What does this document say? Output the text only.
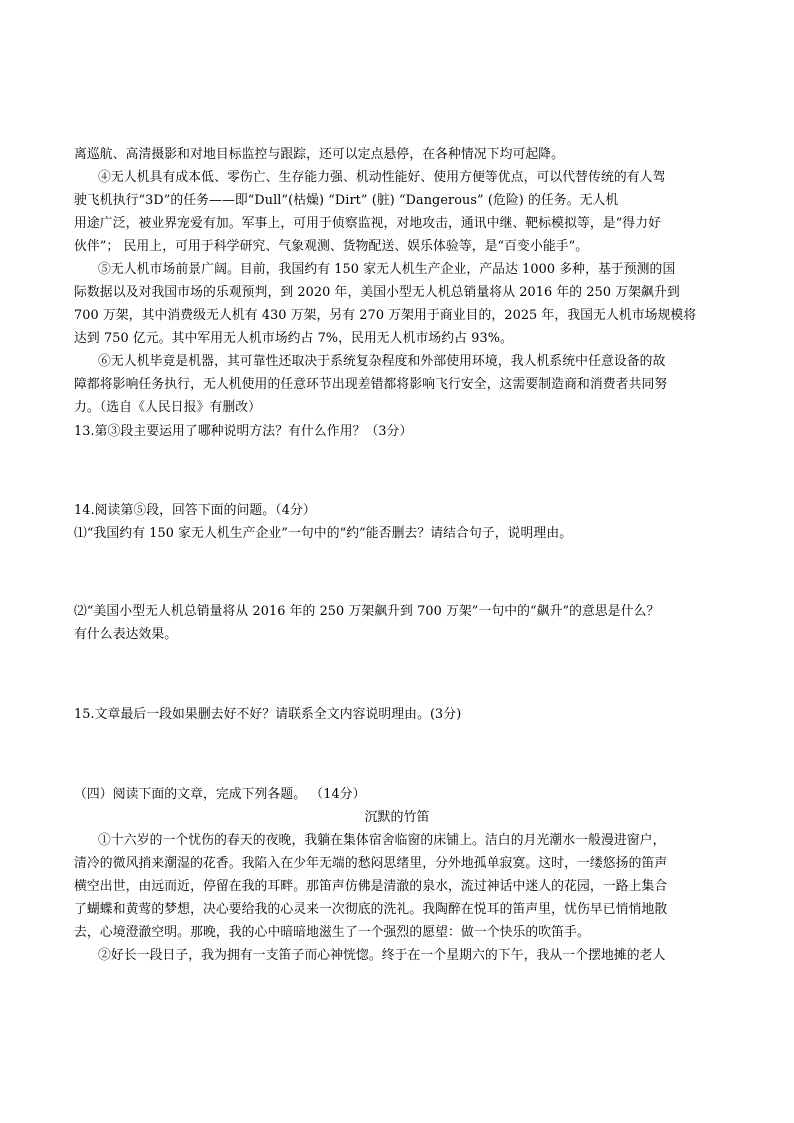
离巡航、高清摄影和对地目标监控与跟踪，还可以定点悬停，在各种情况下均可起降。
④无人机具有成本低、零伤亡、生存能力强、机动性能好、使用方便等优点，可以代替传统的有人驾
驶飞机执行“3D”的任务——即“Dull”(枯燥) “Dirt” (脏) “Dangerous” (危险) 的任务。无人机
用途广泛，被业界宠爱有加。军事上，可用于侦察监视，对地攻击，通讯中继、靶标模拟等，是“得力好
伙伴”； 民用上，可用于科学研究、气象观测、货物配送、娱乐体验等，是“百变小能手”。
⑤无人机市场前景广阔。目前，我国约有 150 家无人机生产企业，产品达 1000 多种，基于预测的国
际数据以及对我国市场的乐观预判，到 2020 年，美国小型无人机总销量将从 2016 年的 250 万架飙升到
700 万架，其中消费级无人机有 430 万架，另有 270 万架用于商业目的，2025 年，我国无人机市场规模将
达到 750 亿元。其中军用无人机市场约占 7%，民用无人机市场约占 93%。
⑥无人机毕竟是机器，其可靠性还取决于系统复杂程度和外部使用环境，我人机系统中任意设备的故
障都将影响任务执行，无人机使用的任意环节出现差错都将影响飞行安全，这需要制造商和消费者共同努
力。（选自《人民日报》有删改）
13.第③段主要运用了哪种说明方法？有什么作用？（3分）
14.阅读第⑤段，回答下面的问题。（4分）
⑴“我国约有 150 家无人机生产企业”一句中的“约”能否删去？请结合句子，说明理由。
⑵“美国小型无人机总销量将从 2016 年的 250 万架飙升到 700 万架”一句中的“飙升”的意思是什么？
有什么表达效果。
15.文章最后一段如果删去好不好？请联系全文内容说明理由。(3分)
（四）阅读下面的文章，完成下列各题。 （14分）
沉默的竹笛
①十六岁的一个忧伤的春天的夜晚，我躺在集体宿舍临窗的床铺上。洁白的月光潮水一般漫进窗户，
清冷的微风捎来潮湿的花香。我陷入在少年无端的愁闷思绪里，分外地孤单寂寞。这时，一缕悠扬的笛声
横空出世，由远而近，停留在我的耳畔。那笛声仿佛是清澈的泉水，流过神话中迷人的花园，一路上集合
了蝴蝶和黄莺的梦想，决心要给我的心灵来一次彻底的洗礼。我陶醉在悦耳的笛声里，忧伤早已悄悄地散
去，心境澄澈空明。那晚，我的心中暗暗地滋生了一个强烈的愿望：做一个快乐的吹笛手。
②好长一段日子，我为拥有一支笛子而心神恍惚。终于在一个星期六的下午，我从一个摆地摊的老人
